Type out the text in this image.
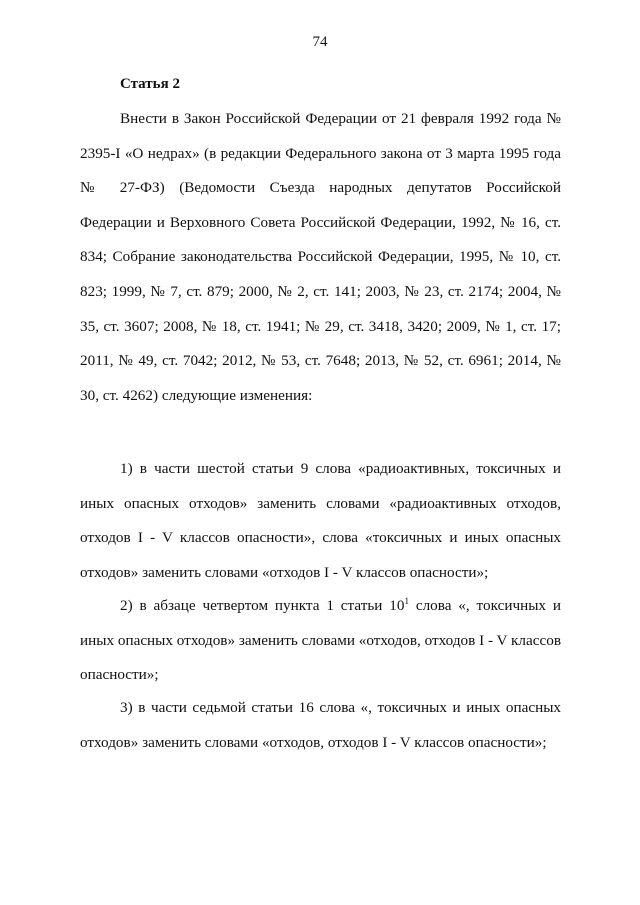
74
Статья 2

Внести в Закон Российской Федерации от 21 февраля 1992 года № 2395-I «О недрах» (в редакции Федерального закона от 3 марта 1995 года № 27-ФЗ) (Ведомости Съезда народных депутатов Российской Федерации и Верховного Совета Российской Федерации, 1992, № 16, ст. 834; Собрание законодательства Российской Федерации, 1995, № 10, ст. 823; 1999, № 7, ст. 879; 2000, № 2, ст. 141; 2003, № 23, ст. 2174; 2004, № 35, ст. 3607; 2008, № 18, ст. 1941; № 29, ст. 3418, 3420; 2009, № 1, ст. 17; 2011, № 49, ст. 7042; 2012, № 53, ст. 7648; 2013, № 52, ст. 6961; 2014, № 30, ст. 4262) следующие изменения:

1) в части шестой статьи 9 слова «радиоактивных, токсичных и иных опасных отходов» заменить словами «радиоактивных отходов, отходов I - V классов опасности», слова «токсичных и иных опасных отходов» заменить словами «отходов I - V классов опасности»;

2) в абзаце четвертом пункта 1 статьи $10^1$ слова «, токсичных и иных опасных отходов» заменить словами «отходов, отходов I - V классов опасности»;

3) в части седьмой статьи 16 слова «, токсичных и иных опасных отходов» заменить словами «отходов, отходов I - V классов опасности»;
